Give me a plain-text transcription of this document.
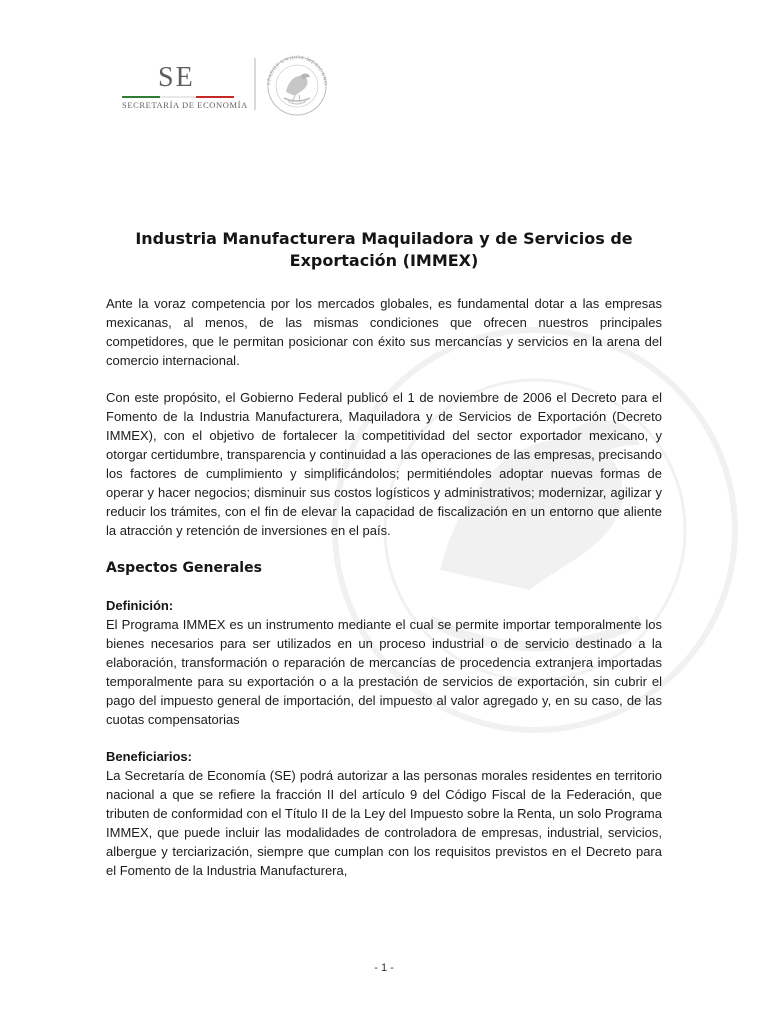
SE
SECRETARÍA DE ECONOMÍA
STADOS UNIDOS MEXICANO
Industria Manufacturera Maquiladora y de Servicios de Exportación (IMMEX)

Ante la voraz competencia por los mercados globales, es fundamental dotar a las empresas mexicanas, al menos, de las mismas condiciones que ofrecen nuestros principales competidores, que le permitan posicionar con éxito sus mercancías y servicios en la arena del comercio internacional.

Con este propósito, el Gobierno Federal publicó el 1 de noviembre de 2006 el Decreto para el Fomento de la Industria Manufacturera, Maquiladora y de Servicios de Exportación (Decreto IMMEX), con el objetivo de fortalecer la competitividad del sector exportador mexicano, y otorgar certidumbre, transparencia y continuidad a las operaciones de las empresas, precisando los factores de cumplimiento y simplificándolos; permitiéndoles adoptar nuevas formas de operar y hacer negocios; disminuir sus costos logísticos y administrativos; modernizar, agilizar y reducir los trámites, con el fin de elevar la capacidad de fiscalización en un entorno que aliente la atracción y retención de inversiones en el país.

Aspectos Generales
Definición:

El Programa IMMEX es un instrumento mediante el cual se permite importar temporalmente los bienes necesarios para ser utilizados en un proceso industrial o de servicio destinado a la elaboración, transformación o reparación de mercancías de procedencia extranjera importadas temporalmente para su exportación o a la prestación de servicios de exportación, sin cubrir el pago del impuesto general de importación, del impuesto al valor agregado y, en su caso, de las cuotas compensatorias

Beneficiarios:

La Secretaría de Economía (SE) podrá autorizar a las personas morales residentes en territorio nacional a que se refiere la fracción II del artículo 9 del Código Fiscal de la Federación, que tributen de conformidad con el Título II de la Ley del Impuesto sobre la Renta, un solo Programa IMMEX, que puede incluir las modalidades de controladora de empresas, industrial, servicios, albergue y terciarización, siempre que cumplan con los requisitos previstos en el Decreto para el Fomento de la Industria Manufacturera,

- 1 -
